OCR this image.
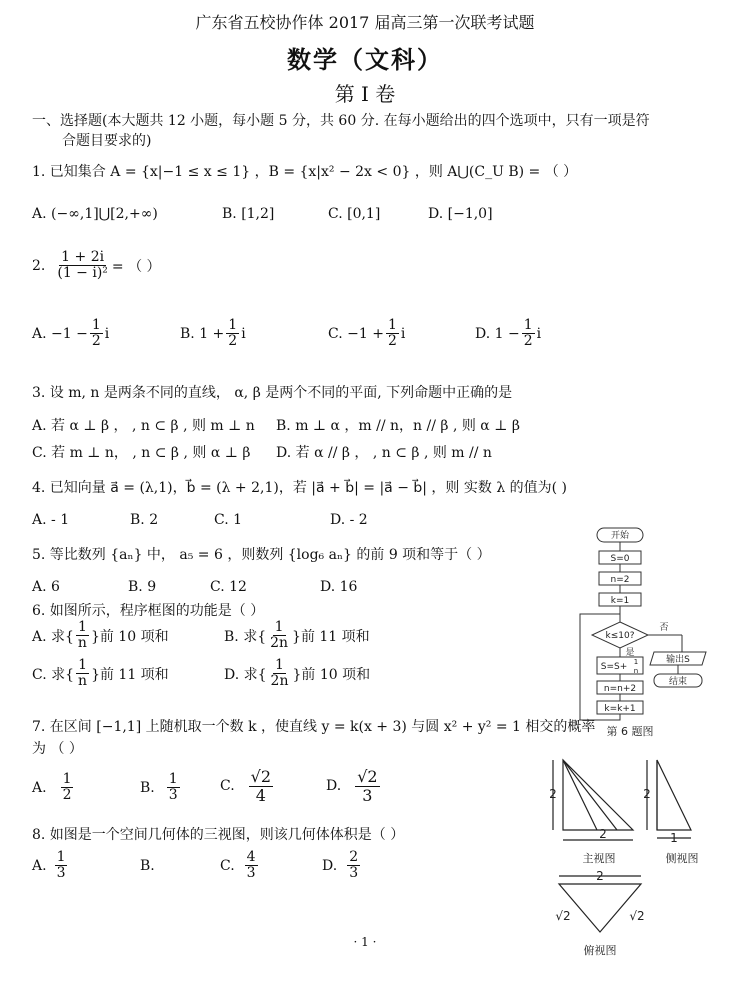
广东省五校协作体 2017 届高三第一次联考试题
数学（文科）
第 I 卷
一、选择题(本大题共 12 小题，每小题 5 分，共 60 分. 在每小题给出的四个选项中，只有一项是符
合题目要求的)
1. 已知集合 A = {x|−1 ≤ x ≤ 1} ，B = {x|x² − 2x < 0} ，则 A⋃(C_U B) = （ ）
A. (−∞,1]⋃[2,+∞)	B. [1,2]	C. [0,1]	D. [−1,0]
2. $\frac{1 + 2i}{\text{(1 − i)²}}$ = （ ）
A. $-1 - \frac{1}{2}$ i	B. $1 + \frac{1}{2}$ i	C. $-1 + \frac{1}{2}$ i	D. $1 - \frac{1}{2}$ i
3. 设 m, n 是两条不同的直线， α, β 是两个不同的平面, 下列命题中正确的是
A. 若 α ⊥ β ， , n ⊂ β , 则 m ⊥ n B. m ⊥ α ，m // n，n // β , 则 α ⊥ β
C. 若 m ⊥ n， , n ⊂ β , 则 α ⊥ β D. 若 α // β ， , n ⊂ β , 则 m // n
4. 已知向量 a⃗ = (λ,1)，b⃗ = (λ + 2,1)，若 |a⃗ + b⃗| = |a⃗ − b⃗| ，则 实数 λ 的值为( )
A. - 1	B. 2	C. 1	D. - 2
5. 等比数列 {aₙ} 中， a₅ = 6 ，则数列 {log₆ aₙ} 的前 9 项和等于（ ）
A. 6	B. 9	C. 12	D. 16
6. 如图所示，程序框图的功能是（ ）
A. 求{ $\frac{1}{n}$ }前 10 项和	B. 求{ $\frac{1}{2n}$ }前 11 项和
C. 求{ $\frac{1}{n}$ }前 11 项和	D. 求{ $\frac{1}{2n}$ }前 10 项和
7. 在区间 [−1,1] 上随机取一个数 k ，使直线 y = k(x + 3) 与圆 x² + y² = 1 相交的概率
为 （ ）
A. $\frac{1}{2}$	B. $\frac{1}{3}$	C. $\frac{√2}{4}$	D. $\frac{√2}{3}$
8. 如图是一个空间几何体的三视图，则该几何体体积是（ ）
A. $\frac{1}{3}$	B.	C. $\frac{4}{3}$	D. $\frac{2}{3}$
开始
S=0
n=2
k=1
k≤10?
否
是
输出S
结束
S=S+ 1
n
n=n+2
k=k+1
第 6 题图
2
2
2
1
2
√2	√2
主视图	侧视图
俯视图
· 1 ·
